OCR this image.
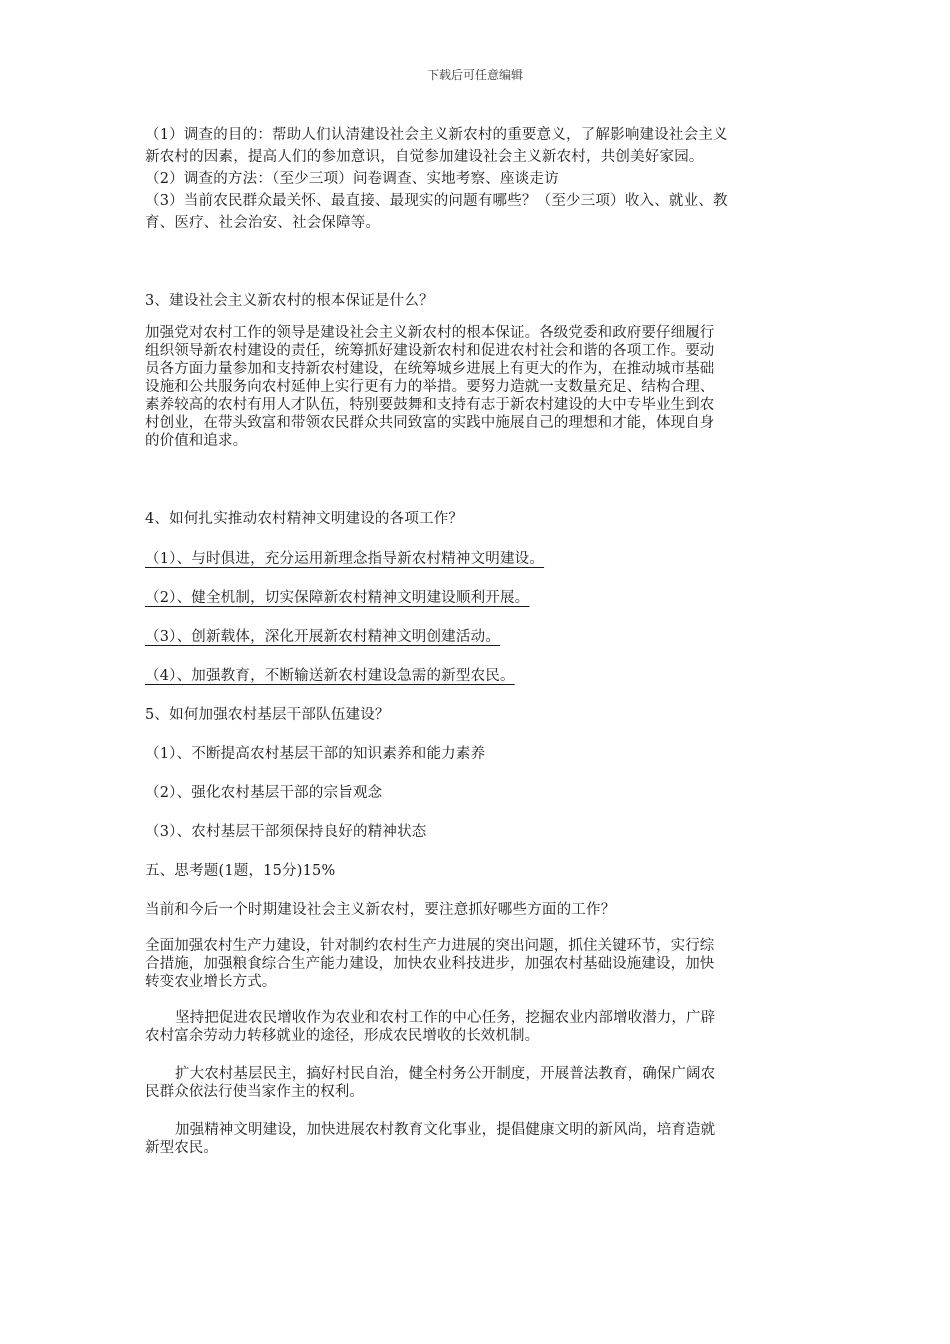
下载后可任意编辑

（1）调查的目的：帮助人们认清建设社会主义新农村的重要意义，了解影响建设社会主义

新农村的因素，提高人们的参加意识，自觉参加建设社会主义新农村，共创美好家园。

（2）调查的方法：（至少三项）问卷调查、实地考察、座谈走访

（3）当前农民群众最关怀、最直接、最现实的问题有哪些？（至少三项）收入、就业、教

育、医疗、社会治安、社会保障等。

3、建设社会主义新农村的根本保证是什么？

加强党对农村工作的领导是建设社会主义新农村的根本保证。各级党委和政府要仔细履行

组织领导新农村建设的责任，统筹抓好建设新农村和促进农村社会和谐的各项工作。要动

员各方面力量参加和支持新农村建设，在统筹城乡进展上有更大的作为，在推动城市基础

设施和公共服务向农村延伸上实行更有力的举措。要努力造就一支数量充足、结构合理、

素养较高的农村有用人才队伍，特别要鼓舞和支持有志于新农村建设的大中专毕业生到农

村创业，在带头致富和带领农民群众共同致富的实践中施展自己的理想和才能，体现自身

的价值和追求。

4、如何扎实推动农村精神文明建设的各项工作？

（1）、与时俱进，充分运用新理念指导新农村精神文明建设。

（2）、健全机制，切实保障新农村精神文明建设顺利开展。

（3）、创新载体，深化开展新农村精神文明创建活动。

（4）、加强教育，不断输送新农村建设急需的新型农民。

5、如何加强农村基层干部队伍建设？

（1）、不断提高农村基层干部的知识素养和能力素养

（2）、强化农村基层干部的宗旨观念

（3）、农村基层干部须保持良好的精神状态

五、思考题(1题，15分)15%

当前和今后一个时期建设社会主义新农村，要注意抓好哪些方面的工作？

全面加强农村生产力建设，针对制约农村生产力进展的突出问题，抓住关键环节，实行综

合措施，加强粮食综合生产能力建设，加快农业科技进步，加强农村基础设施建设，加快

转变农业增长方式。

坚持把促进农民增收作为农业和农村工作的中心任务，挖掘农业内部增收潜力，广辟

农村富余劳动力转移就业的途径，形成农民增收的长效机制。

扩大农村基层民主，搞好村民自治，健全村务公开制度，开展普法教育，确保广阔农

民群众依法行使当家作主的权利。

加强精神文明建设，加快进展农村教育文化事业，提倡健康文明的新风尚，培育造就

新型农民。
